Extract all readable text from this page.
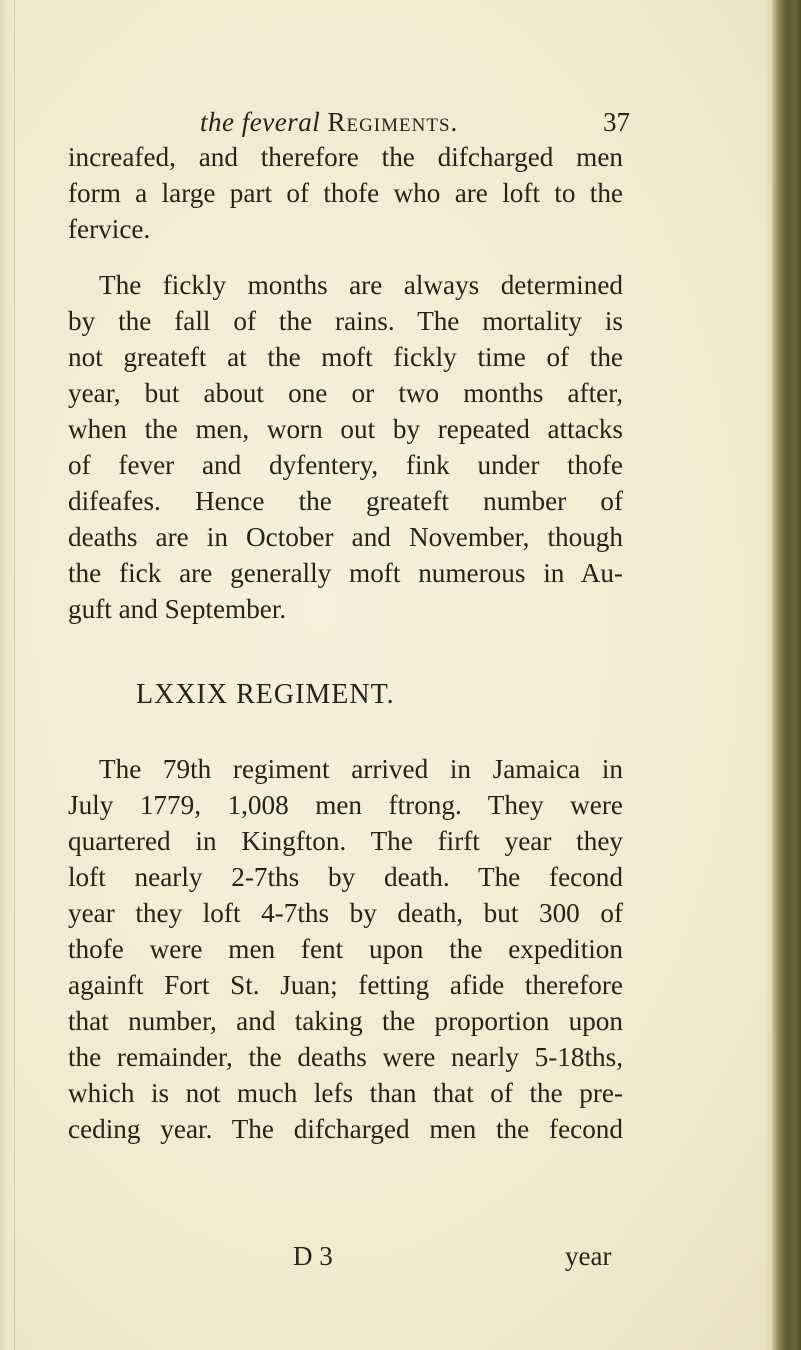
the feveral Regiments.	37
increafed, and therefore the difcharged men
form a large part of thofe who are loft to the
fervice.
The fickly months are always determined
by the fall of the rains. The mortality is
not greateft at the moft fickly time of the
year, but about one or two months after,
when the men, worn out by repeated attacks
of fever and dyfentery, fink under thofe
difeafes. Hence the greateft number of
deaths are in October and November, though
the fick are generally moft numerous in Au-
guft and September.
LXXIX REGIMENT.
The 79th regiment arrived in Jamaica in
July 1779, 1,008 men ftrong. They were
quartered in Kingfton. The firft year they
loft nearly 2-7ths by death. The fecond
year they loft 4-7ths by death, but 300 of
thofe were men fent upon the expedition
againft Fort St. Juan; fetting afide therefore
that number, and taking the proportion upon
the remainder, the deaths were nearly 5-18ths,
which is not much lefs than that of the pre-
ceding year. The difcharged men the fecond
D 3	year
